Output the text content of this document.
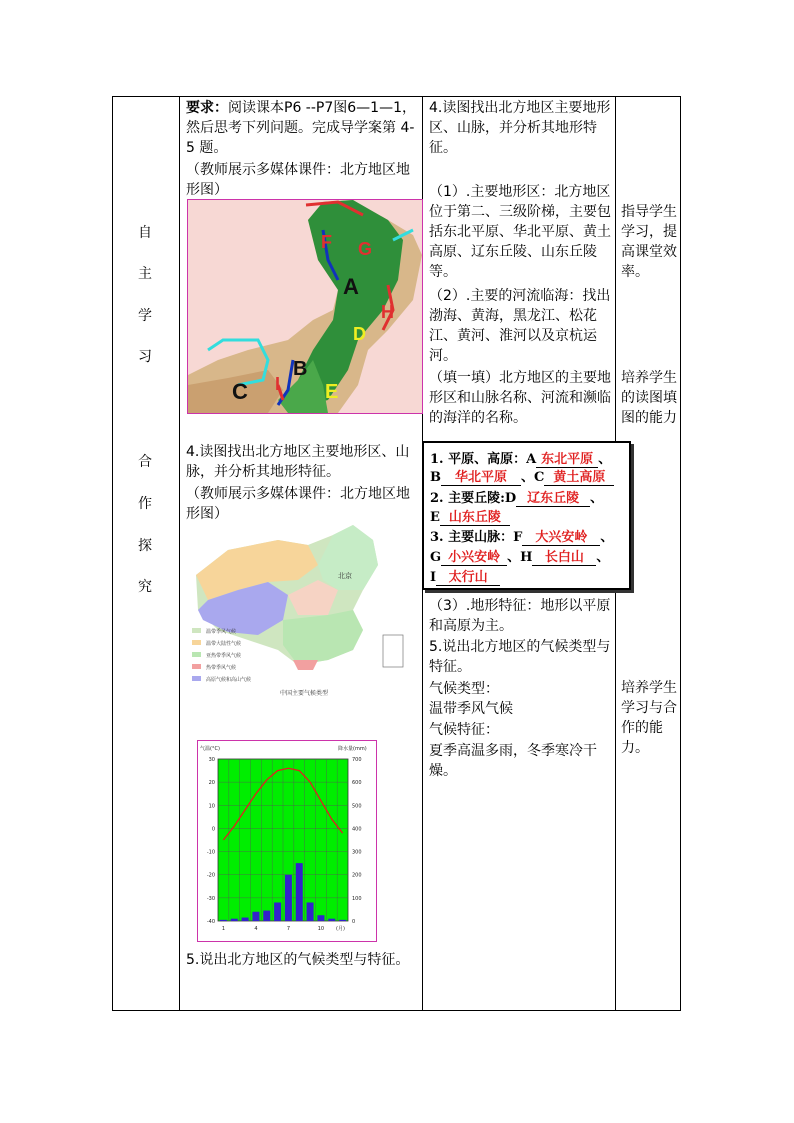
自
主
学
习
合
作
探
究
要求：阅读课本P6 --P7图6—1—1，然后思考下列问题。完成导学案第 4-5 题。
（教师展示多媒体课件：北方地区地形图）
F G
A
H
D
B
I
C	E
4.读图找出北方地区主要地形区、山脉，并分析其地形特征。
（教师展示多媒体课件：北方地区地形图）
北京
温带季风气候
温带大陆性气候
亚热带季风气候
热带季风气候
高原气候和高山气候
中国主要气候类型
30
20
10
0
-10
-20
-30
-40
700
600
500
400
300
200
100
0
1	4	7	10 (月)
气温(°C)	降水量(mm)
5.说出北方地区的气候类型与特征。
4.读图找出北方地区主要地形区、山脉，并分析其地形特征。
（1）.主要地形区：北方地区位于第二、三级阶梯，主要包括东北平原、华北平原、黄土高原、辽东丘陵、山东丘陵等。
（2）.主要的河流临海：找出渤海、黄海，黑龙江、松花江、黄河、淮河以及京杭运河。
（填一填）北方地区的主要地形区和山脉名称、河流和濒临的海洋的名称。
1. 平原、高原：A 东北平原 、
B 华北平原 、C 黄土高原
2. 主要丘陵:D 辽东丘陵 、
E 山东丘陵
3. 主要山脉：F 大兴安岭 、
G 小兴安岭 、H 长白山 、
I 太行山
（3）.地形特征：地形以平原和高原为主。
5.说出北方地区的气候类型与特征。
气候类型：
温带季风气候
气候特征：
夏季高温多雨，冬季寒冷干燥。
指导学生学习，提高课堂效率。
培养学生的读图填图的能力
培养学生学习与合作的能力。
